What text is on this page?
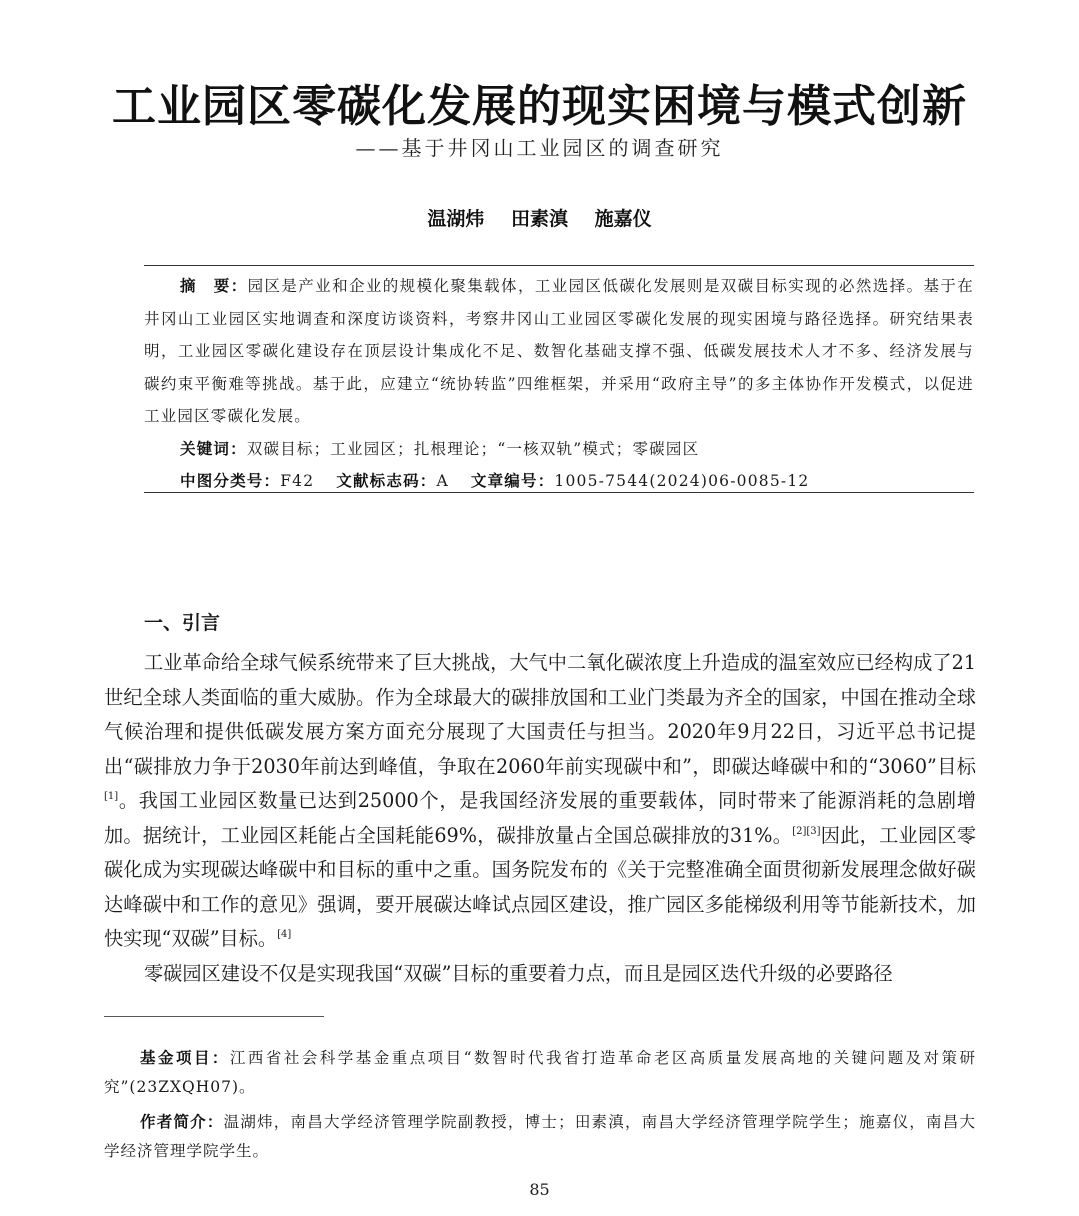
工业园区零碳化发展的现实困境与模式创新
——基于井冈山工业园区的调查研究
温湖炜 田素滇 施嘉仪

摘　要：园区是产业和企业的规模化聚集载体，工业园区低碳化发展则是双碳目标实现的必然选择。基于在井冈山工业园区实地调查和深度访谈资料，考察井冈山工业园区零碳化发展的现实困境与路径选择。研究结果表明，工业园区零碳化建设存在顶层设计集成化不足、数智化基础支撑不强、低碳发展技术人才不多、经济发展与碳约束平衡难等挑战。基于此，应建立“统协转监”四维框架，并采用“政府主导”的多主体协作开发模式，以促进工业园区零碳化发展。

关键词：双碳目标；工业园区；扎根理论；“一核双轨”模式；零碳园区

中图分类号：F42 文献标志码：A 文章编号：1005-7544(2024)06-0085-12

一、引言

工业革命给全球气候系统带来了巨大挑战，大气中二氧化碳浓度上升造成的温室效应已经构成了21世纪全球人类面临的重大威胁。作为全球最大的碳排放国和工业门类最为齐全的国家，中国在推动全球气候治理和提供低碳发展方案方面充分展现了大国责任与担当。2020年9月22日，习近平总书记提出“碳排放力争于2030年前达到峰值，争取在2060年前实现碳中和”，即碳达峰碳中和的“3060”目标[1]。我国工业园区数量已达到25000个，是我国经济发展的重要载体，同时带来了能源消耗的急剧增加。据统计，工业园区耗能占全国耗能69%，碳排放量占全国总碳排放的31%。[2][3]因此，工业园区零碳化成为实现碳达峰碳中和目标的重中之重。国务院发布的《关于完整准确全面贯彻新发展理念做好碳达峰碳中和工作的意见》强调，要开展碳达峰试点园区建设，推广园区多能梯级利用等节能新技术，加快实现“双碳”目标。[4]

零碳园区建设不仅是实现我国“双碳”目标的重要着力点，而且是园区迭代升级的必要路径

基金项目：江西省社会科学基金重点项目“数智时代我省打造革命老区高质量发展高地的关键问题及对策研究”(23ZXQH07)。

作者简介：温湖炜，南昌大学经济管理学院副教授，博士；田素滇，南昌大学经济管理学院学生；施嘉仪，南昌大学经济管理学院学生。

85
